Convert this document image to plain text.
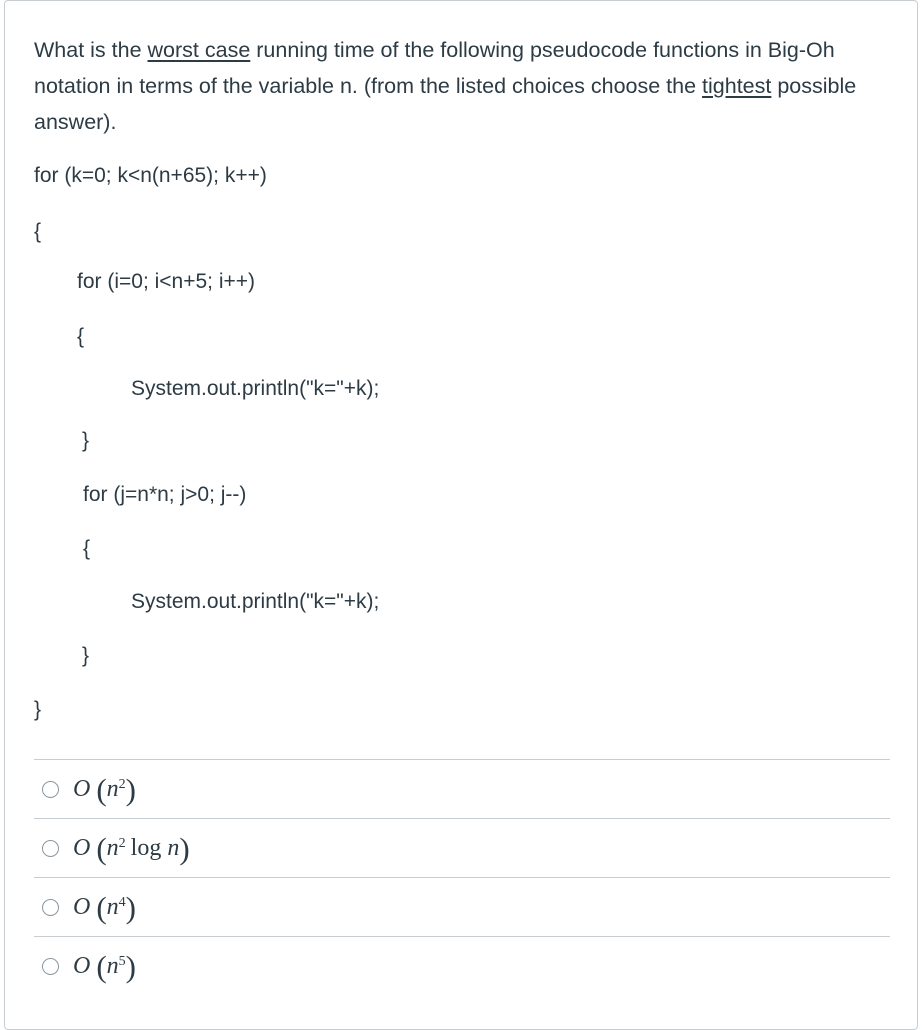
What is the worst case running time of the following pseudocode functions in Big-Oh notation in terms of the variable n. (from the listed choices choose the tightest possible answer).
for (k=0; k<n(n+65); k++)
{
for (i=0; i<n+5; i++)
{
System.out.println("k="+k);
}
for (j=n*n; j>0; j--)
{
System.out.println("k="+k);
}
}
O ( $n^2$ )
O ( $n^2$ log n )
O ( $n^4$ )
O ( $n^5$ )
